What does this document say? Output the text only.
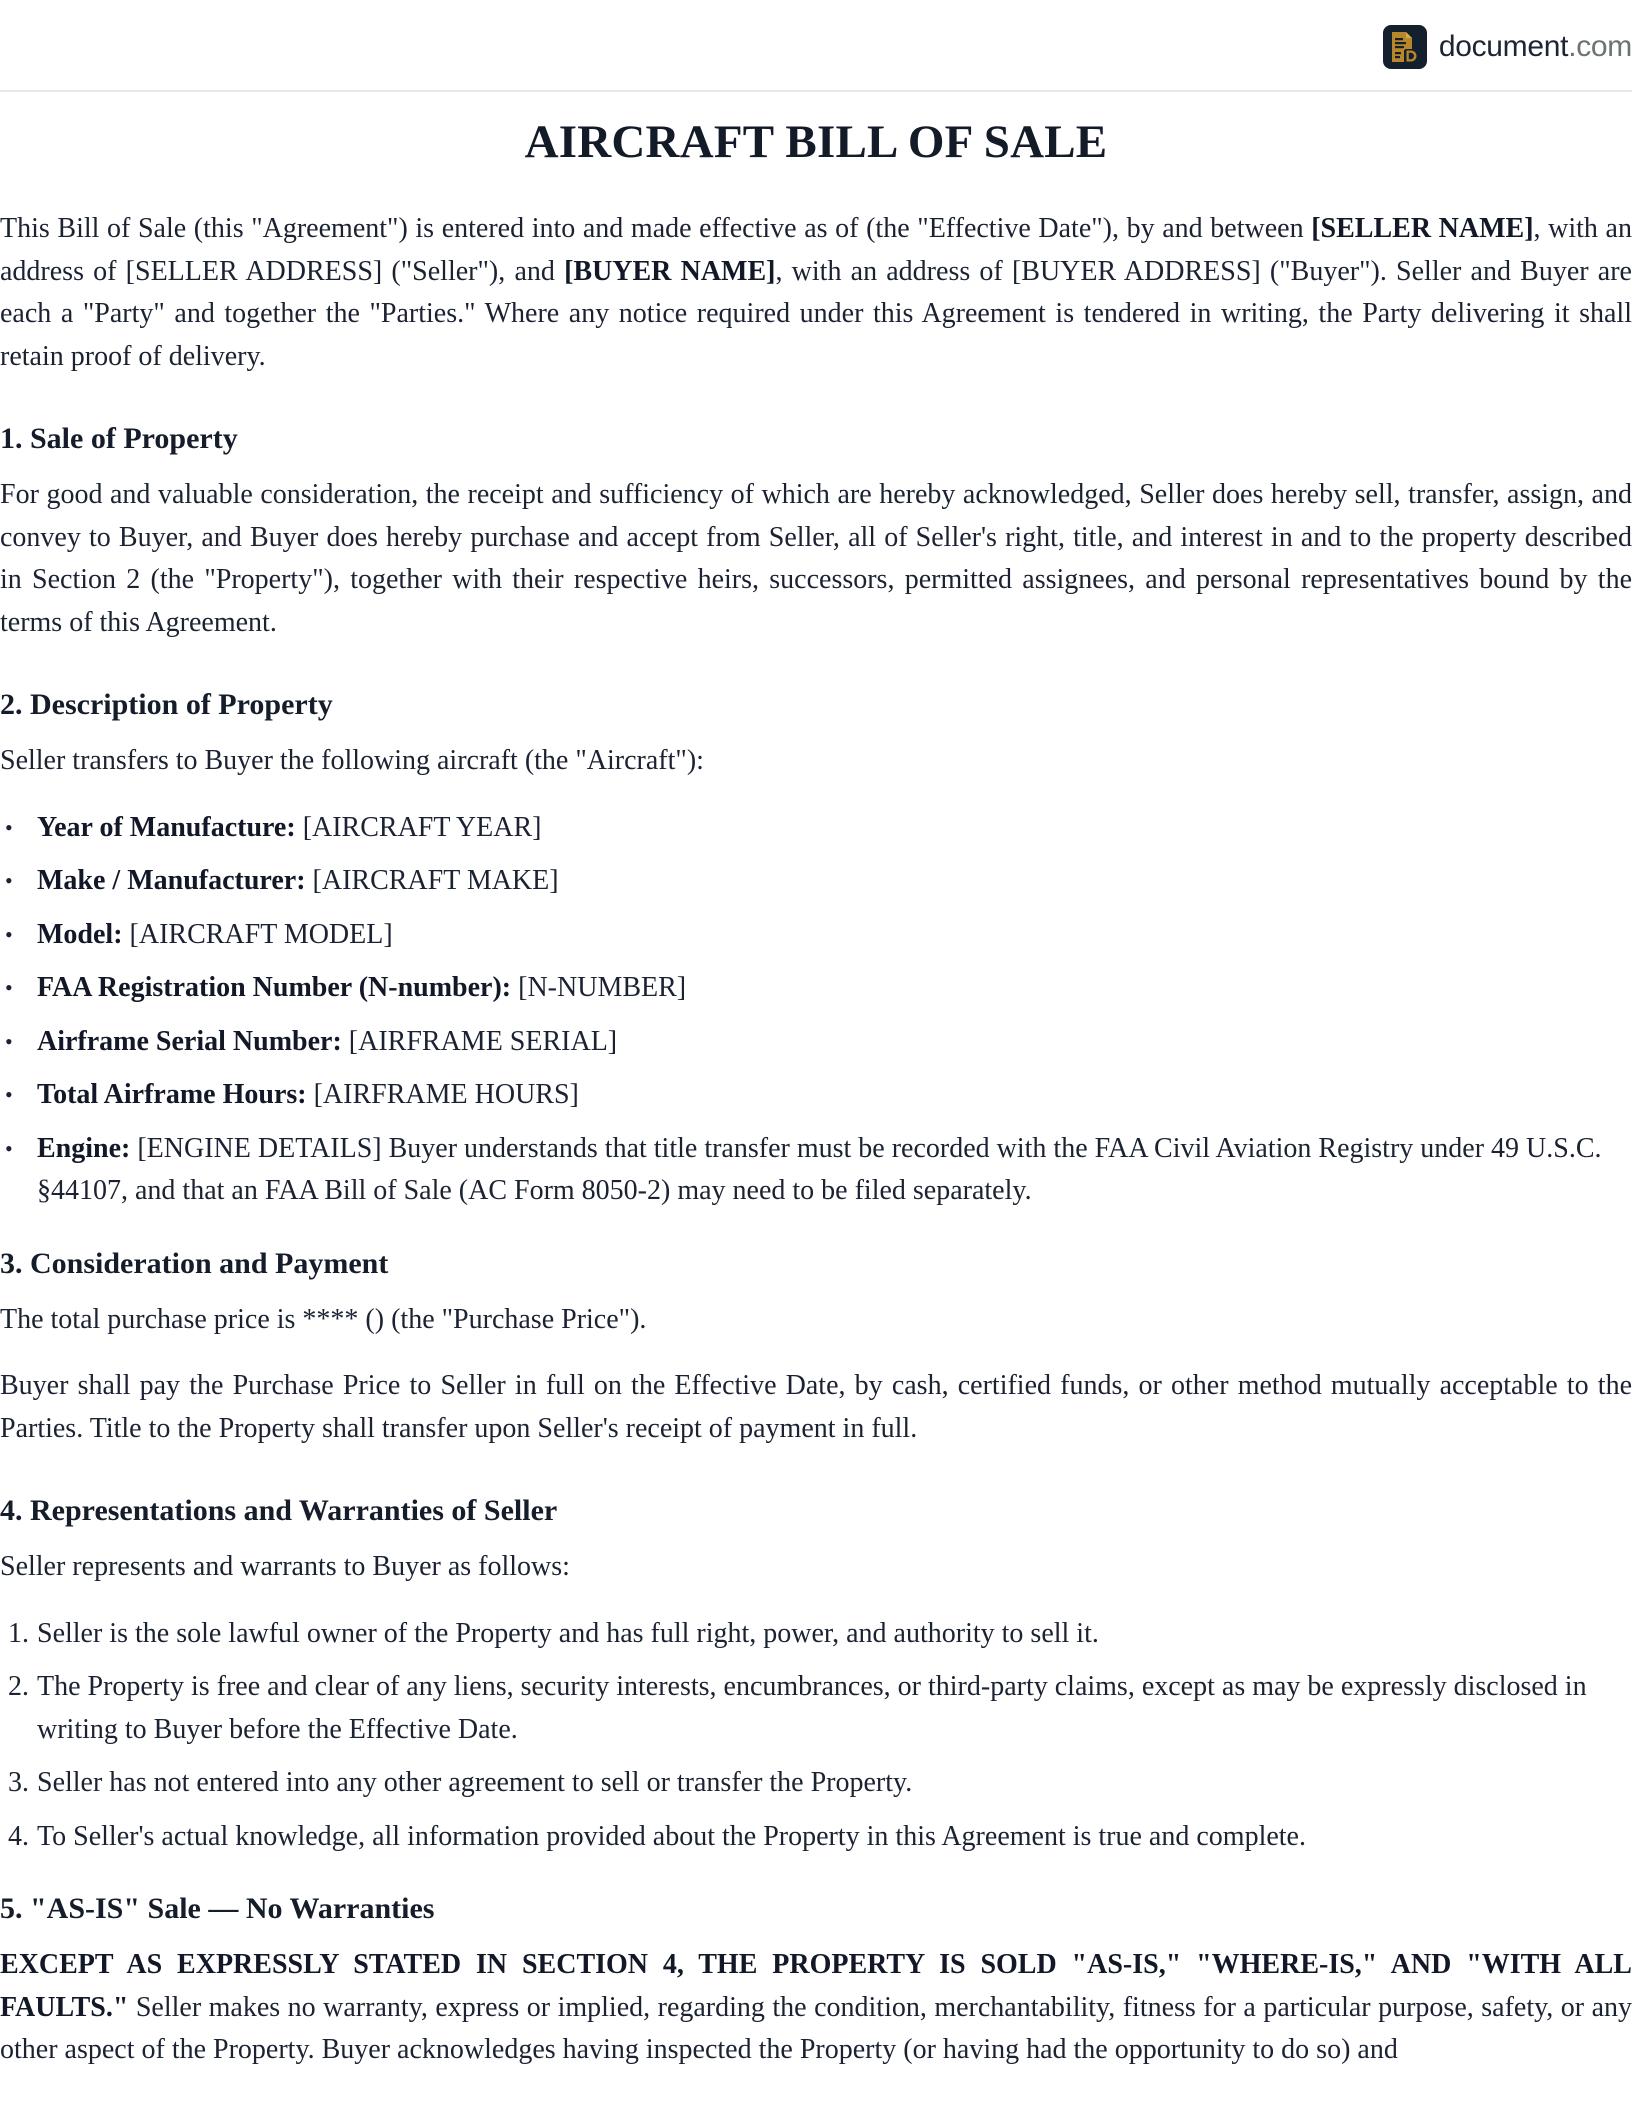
document.com
AIRCRAFT BILL OF SALE

This Bill of Sale (this "Agreement") is entered into and made effective as of (the "Effective Date"), by and between [SELLER NAME], with an address of [SELLER ADDRESS] ("Seller"), and [BUYER NAME], with an address of [BUYER ADDRESS] ("Buyer"). Seller and Buyer are each a "Party" and together the "Parties." Where any notice required under this Agreement is tendered in writing, the Party delivering it shall retain proof of delivery.

1. Sale of Property

For good and valuable consideration, the receipt and sufficiency of which are hereby acknowledged, Seller does hereby sell, transfer, assign, and convey to Buyer, and Buyer does hereby purchase and accept from Seller, all of Seller's right, title, and interest in and to the property described in Section 2 (the "Property"), together with their respective heirs, successors, permitted assignees, and personal representatives bound by the terms of this Agreement.

2. Description of Property

Seller transfers to Buyer the following aircraft (the "Aircraft"):

• Year of Manufacture: [AIRCRAFT YEAR]
• Make / Manufacturer: [AIRCRAFT MAKE]
• Model: [AIRCRAFT MODEL]
• FAA Registration Number (N-number): [N-NUMBER]
• Airframe Serial Number: [AIRFRAME SERIAL]
• Total Airframe Hours: [AIRFRAME HOURS]
• Engine: [ENGINE DETAILS] Buyer understands that title transfer must be recorded with the FAA Civil Aviation Registry under 49 U.S.C. §44107, and that an FAA Bill of Sale (AC Form 8050-2) may need to be filed separately.
3. Consideration and Payment

The total purchase price is **** () (the "Purchase Price").

Buyer shall pay the Purchase Price to Seller in full on the Effective Date, by cash, certified funds, or other method mutually acceptable to the Parties. Title to the Property shall transfer upon Seller's receipt of payment in full.

4. Representations and Warranties of Seller

Seller represents and warrants to Buyer as follows:

1. Seller is the sole lawful owner of the Property and has full right, power, and authority to sell it.
2. The Property is free and clear of any liens, security interests, encumbrances, or third-party claims, except as may be expressly disclosed in writing to Buyer before the Effective Date.
3. Seller has not entered into any other agreement to sell or transfer the Property.
4. To Seller's actual knowledge, all information provided about the Property in this Agreement is true and complete.
5. "AS-IS" Sale — No Warranties

EXCEPT AS EXPRESSLY STATED IN SECTION 4, THE PROPERTY IS SOLD "AS-IS," "WHERE-IS," AND "WITH ALL FAULTS." Seller makes no warranty, express or implied, regarding the condition, merchantability, fitness for a particular purpose, safety, or any other aspect of the Property. Buyer acknowledges having inspected the Property (or having had the opportunity to do so) and
